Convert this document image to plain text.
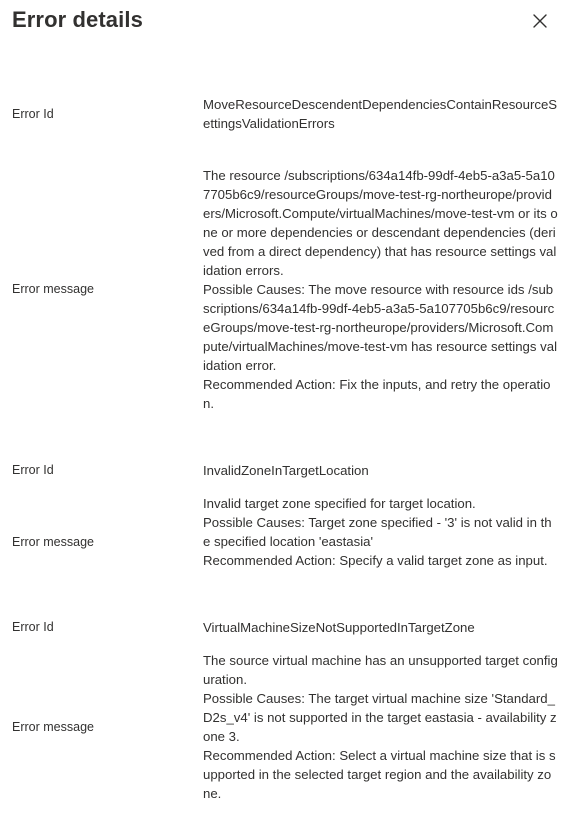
Error details
Error Id
MoveResourceDescendentDependenciesContainResourceSettingsValidationErrors
Error message
The resource /subscriptions/634a14fb-99df-4eb5-a3a5-5a107705b6c9/resourceGroups/move-test-rg-northeurope/providers/Microsoft.Compute/virtualMachines/move-test-vm or its one or more dependencies or descendant dependencies (derived from a direct dependency) that has resource settings validation errors.
Possible Causes: The move resource with resource ids /subscriptions/634a14fb-99df-4eb5-a3a5-5a107705b6c9/resourceGroups/move-test-rg-northeurope/providers/Microsoft.Compute/virtualMachines/move-test-vm has resource settings validation error.
Recommended Action: Fix the inputs, and retry the operation.
Error Id	InvalidZoneInTargetLocation
Error message
Invalid target zone specified for target location.
Possible Causes: Target zone specified - '3' is not valid in the specified location 'eastasia'
Recommended Action: Specify a valid target zone as input.
Error Id	VirtualMachineSizeNotSupportedInTargetZone
Error message
The source virtual machine has an unsupported target configuration.
Possible Causes: The target virtual machine size 'Standard_D2s_v4' is not supported in the target eastasia - availability zone 3.
Recommended Action: Select a virtual machine size that is supported in the selected target region and the availability zone.
